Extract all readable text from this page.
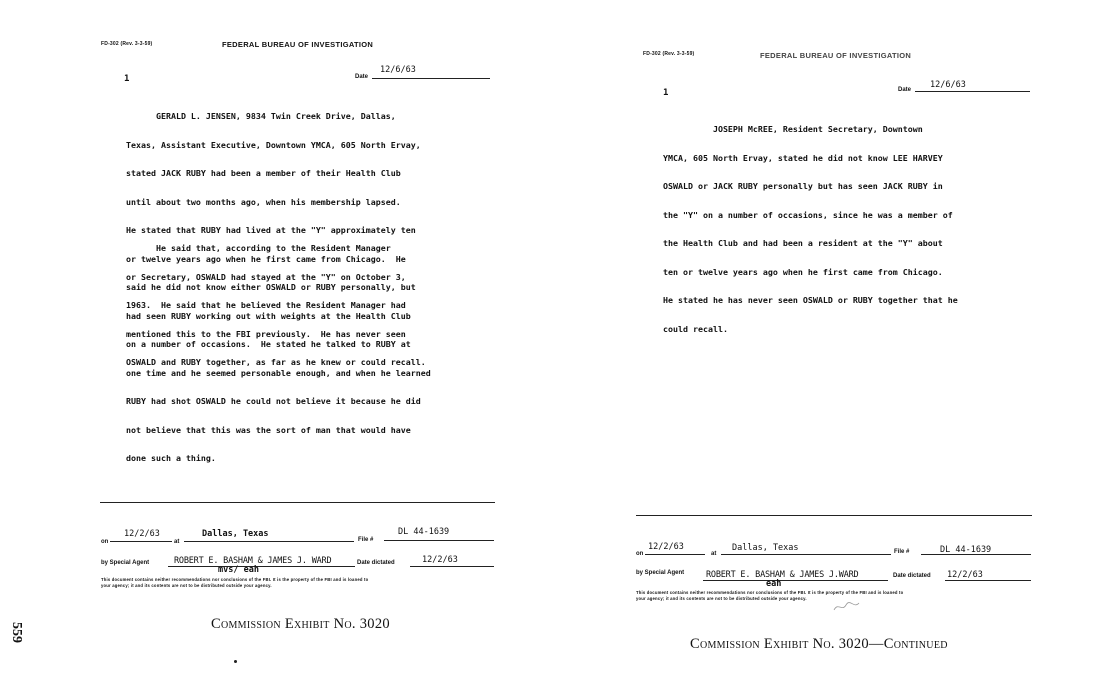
FD-302 (Rev. 3-3-59)	FEDERAL BUREAU OF INVESTIGATION
1	Date
12/6/63

GERALD L. JENSEN, 9834 Twin Creek Drive, Dallas,

Texas, Assistant Executive, Downtown YMCA, 605 North Ervay,

stated JACK RUBY had been a member of their Health Club

until about two months ago, when his membership lapsed.

He stated that RUBY had lived at the "Y" approximately ten

or twelve years ago when he first came from Chicago.  He

said he did not know either OSWALD or RUBY personally, but

had seen RUBY working out with weights at the Health Club

on a number of occasions.  He stated he talked to RUBY at

one time and he seemed personable enough, and when he learned

RUBY had shot OSWALD he could not believe it because he did

not believe that this was the sort of man that would have

done such a thing.

He said that, according to the Resident Manager

or Secretary, OSWALD had stayed at the "Y" on October 3,

1963.  He said that he believed the Resident Manager had

mentioned this to the FBI previously.  He has never seen

OSWALD and RUBY together, as far as he knew or could recall.

on
12/2/63
at
Dallas, Texas
File #
DL 44-1639
by Special Agent	ROBERT E. BASHAM & JAMES J. WARD	Date dictated	12/2/63
mvs/ eah
This document contains neither recommendations nor conclusions of the FBI. It is the property of the FBI and is loaned to
your agency; it and its contents are not to be distributed outside your agency.
Commission Exhibit No. 3020
FD-302 (Rev. 3-3-59)	FEDERAL BUREAU OF INVESTIGATION
1	Date 12/6/63

JOSEPH McREE, Resident Secretary, Downtown

YMCA, 605 North Ervay, stated he did not know LEE HARVEY

OSWALD or JACK RUBY personally but has seen JACK RUBY in

the "Y" on a number of occasions, since he was a member of

the Health Club and had been a resident at the "Y" about

ten or twelve years ago when he first came from Chicago.

He stated he has never seen OSWALD or RUBY together that he

could recall.

on
12/2/63
at
Dallas, Texas	File #	DL 44-1639
by Special Agent	ROBERT E. BASHAM & JAMES J.WARD	Date dictated 12/2/63
eah
This document contains neither recommendations nor conclusions of the FBI. It is the property of the FBI and is loaned to
your agency; it and its contents are not to be distributed outside your agency.
Commission Exhibit No. 3020—Continued
559
